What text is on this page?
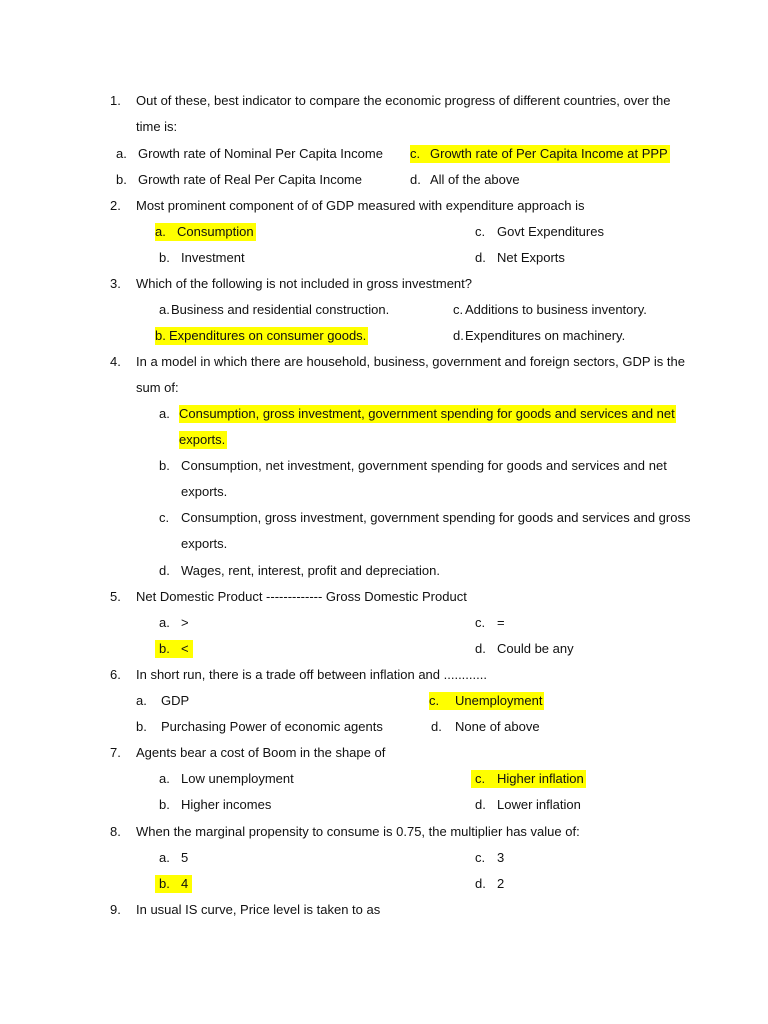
1.	Out of these, best indicator to compare the economic progress of different countries, over the
time is:
a. Growth rate of Nominal Per Capita Income c. Growth rate of Per Capita Income at PPP
b. Growth rate of Real Per Capita Income	d. All of the above
2.	Most prominent component of of GDP measured with expenditure approach is
a. Consumption	c. Govt Expenditures
b. Investment	d. Net Exports
3.	Which of the following is not included in gross investment?
a.Business and residential construction.	c. Additions to business inventory.
b. Expenditures on consumer goods.	d.Expenditures on machinery.
4.	In a model in which there are household, business, government and foreign sectors, GDP is the
sum of:
a. Consumption, gross investment, government spending for goods and services and net
exports.
b. Consumption, net investment, government spending for goods and services and net
exports.
c. Consumption, gross investment, government spending for goods and services and gross
exports.
d. Wages, rent, interest, profit and depreciation.
5.	Net Domestic Product ------------- Gross Domestic Product
a. >	c. =
b. <	d. Could be any
6.	In short run, there is a trade off between inflation and ............
a. GDP	c. Unemployment
b. Purchasing Power of economic agents	d. None of above
7.	Agents bear a cost of Boom in the shape of
a. Low unemployment	c. Higher inflation
b. Higher incomes	d. Lower inflation
8.	When the marginal propensity to consume is 0.75, the multiplier has value of:
a. 5	c. 3
b. 4	d. 2
9.	In usual IS curve, Price level is taken to as
